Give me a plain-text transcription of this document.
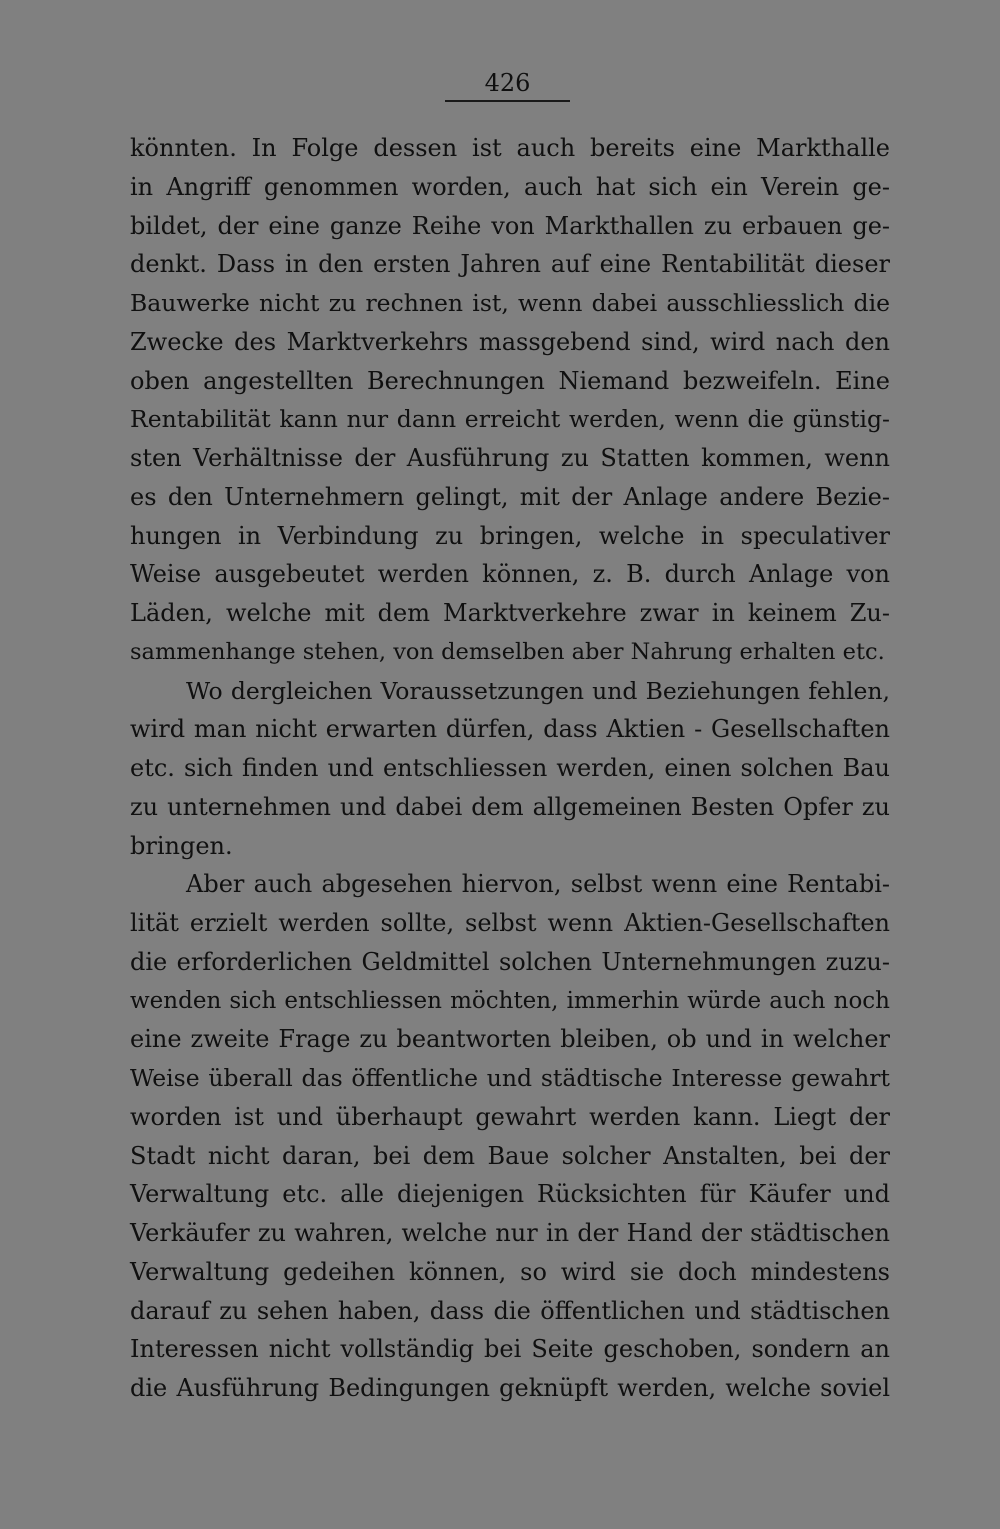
426
könnten. In Folge dessen ist auch bereits eine Markthalle
in Angriff genommen worden, auch hat sich ein Verein ge-
bildet, der eine ganze Reihe von Markthallen zu erbauen ge-
denkt. Dass in den ersten Jahren auf eine Rentabilität dieser
Bauwerke nicht zu rechnen ist, wenn dabei ausschliesslich die
Zwecke des Marktverkehrs massgebend sind, wird nach den
oben angestellten Berechnungen Niemand bezweifeln. Eine
Rentabilität kann nur dann erreicht werden, wenn die günstig-
sten Verhältnisse der Ausführung zu Statten kommen, wenn
es den Unternehmern gelingt, mit der Anlage andere Bezie-
hungen in Verbindung zu bringen, welche in speculativer
Weise ausgebeutet werden können, z. B. durch Anlage von
Läden, welche mit dem Marktverkehre zwar in keinem Zu-
sammenhange stehen, von demselben aber Nahrung erhalten etc.
Wo dergleichen Voraussetzungen und Beziehungen fehlen,
wird man nicht erwarten dürfen, dass Aktien - Gesellschaften
etc. sich finden und entschliessen werden, einen solchen Bau
zu unternehmen und dabei dem allgemeinen Besten Opfer zu
bringen.
Aber auch abgesehen hiervon, selbst wenn eine Rentabi-
lität erzielt werden sollte, selbst wenn Aktien-Gesellschaften
die erforderlichen Geldmittel solchen Unternehmungen zuzu-
wenden sich entschliessen möchten, immerhin würde auch noch
eine zweite Frage zu beantworten bleiben, ob und in welcher
Weise überall das öffentliche und städtische Interesse gewahrt
worden ist und überhaupt gewahrt werden kann. Liegt der
Stadt nicht daran, bei dem Baue solcher Anstalten, bei der
Verwaltung etc. alle diejenigen Rücksichten für Käufer und
Verkäufer zu wahren, welche nur in der Hand der städtischen
Verwaltung gedeihen können, so wird sie doch mindestens
darauf zu sehen haben, dass die öffentlichen und städtischen
Interessen nicht vollständig bei Seite geschoben, sondern an
die Ausführung Bedingungen geknüpft werden, welche soviel
